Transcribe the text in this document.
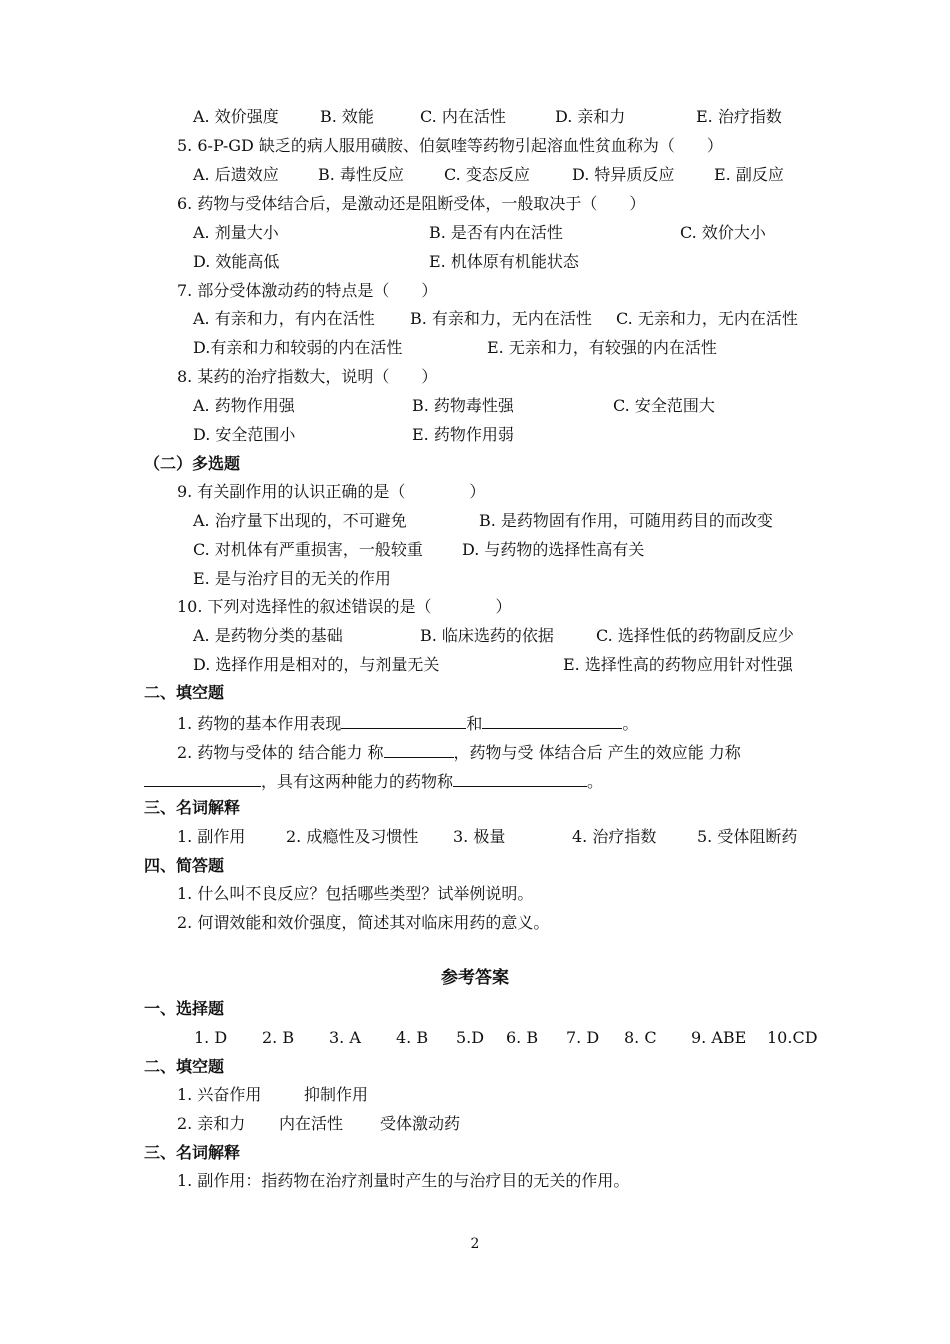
A. 效价强度	B. 效能	C. 内在活性	D. 亲和力	E. 治疗指数
5. 6-P-GD 缺乏的病人服用磺胺、伯氨喹等药物引起溶血性贫血称为（　　）
A. 后遗效应 B. 毒性反应	C. 变态反应	D. 特异质反应 E. 副反应
6. 药物与受体结合后，是激动还是阻断受体，一般取决于（　　）
A. 剂量大小	B. 是否有内在活性	C. 效价大小
D. 效能高低	E. 机体原有机能状态
7. 部分受体激动药的特点是（　　）
A. 有亲和力，有内在活性 B. 有亲和力，无内在活性 C. 无亲和力，无内在活性
D.有亲和力和较弱的内在活性	E. 无亲和力，有较强的内在活性
8. 某药的治疗指数大，说明（　　）
A. 药物作用强	B. 药物毒性强	C. 安全范围大
D. 安全范围小	E. 药物作用弱
（二）多选题
9. 有关副作用的认识正确的是（　　　　）
A. 治疗量下出现的，不可避免	B. 是药物固有作用，可随用药目的而改变
C. 对机体有严重损害，一般较重 D. 与药物的选择性高有关
E. 是与治疗目的无关的作用
10. 下列对选择性的叙述错误的是（　　　　）
A. 是药物分类的基础	B. 临床选药的依据	C. 选择性低的药物副反应少
D. 选择作用是相对的，与剂量无关	E. 选择性高的药物应用针对性强
二、填空题
1. 药物的基本作用表现	和	。
2. 药物与受体的 结合能力 称	，药物与受 体结合后 产生的效应能 力称
，具有这两种能力的药物称	。
三、名词解释
1. 副作用	2. 成瘾性及习惯性 3. 极量	4. 治疗指数	5. 受体阻断药
四、简答题
1. 什么叫不良反应？包括哪些类型？试举例说明。
2. 何谓效能和效价强度，简述其对临床用药的意义。
参考答案
一、选择题
1. D 2. B 3. A 4. B 5.D 6. B 7. D 8. C 9. ABE 10.CD
二、填空题
1. 兴奋作用	抑制作用
2. 亲和力 内在活性 受体激动药
三、名词解释
1. 副作用：指药物在治疗剂量时产生的与治疗目的无关的作用。
2
